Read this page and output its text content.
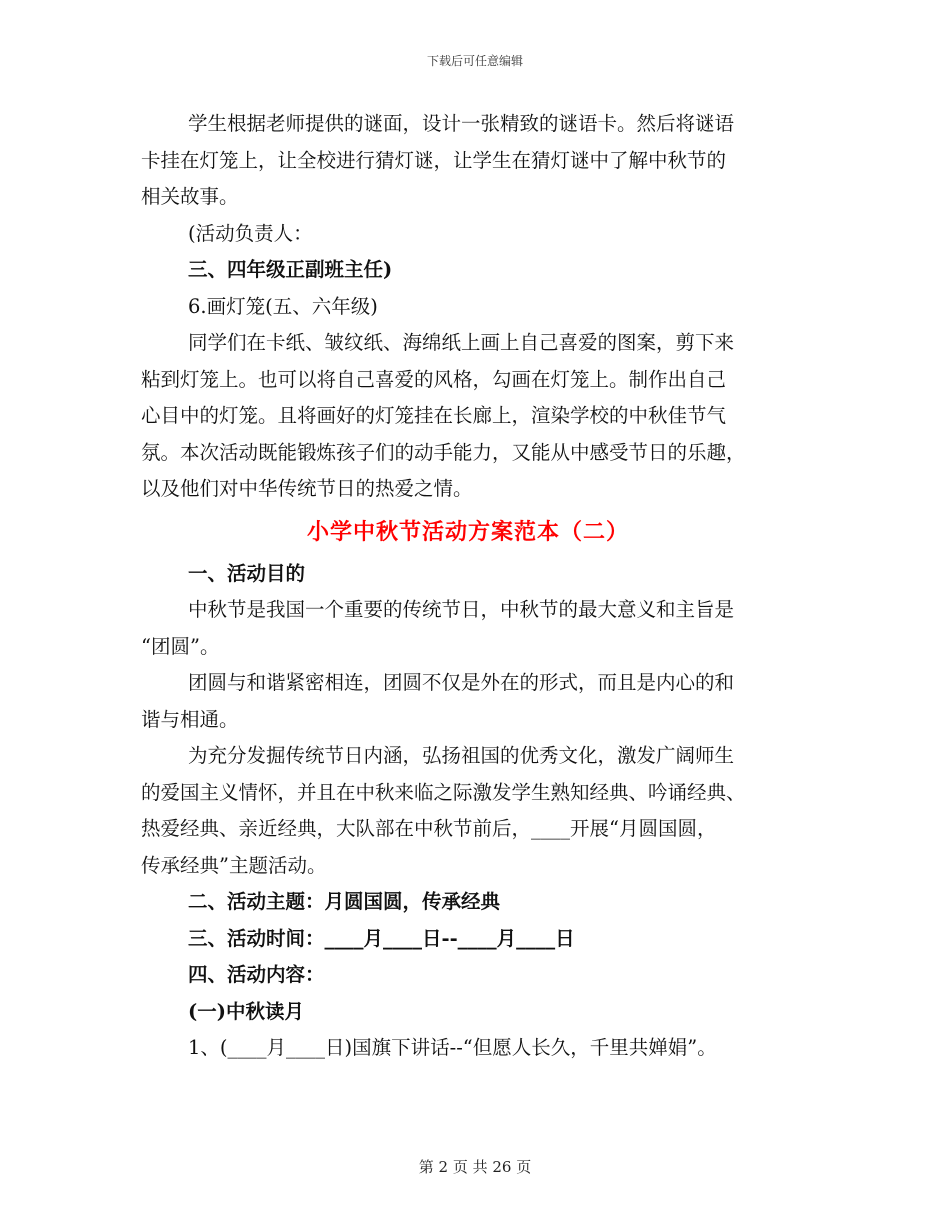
下载后可任意编辑
学生根据老师提供的谜面，设计一张精致的谜语卡。然后将谜语
卡挂在灯笼上，让全校进行猜灯谜，让学生在猜灯谜中了解中秋节的
相关故事。
(活动负责人：
三、四年级正副班主任)
6.画灯笼(五、六年级)
同学们在卡纸、皱纹纸、海绵纸上画上自己喜爱的图案，剪下来
粘到灯笼上。也可以将自己喜爱的风格，勾画在灯笼上。制作出自己
心目中的灯笼。且将画好的灯笼挂在长廊上，渲染学校的中秋佳节气
氛。本次活动既能锻炼孩子们的动手能力，又能从中感受节日的乐趣，
以及他们对中华传统节日的热爱之情。
小学中秋节活动方案范本（二）
一、活动目的
中秋节是我国一个重要的传统节日，中秋节的最大意义和主旨是
“团圆”。
团圆与和谐紧密相连，团圆不仅是外在的形式，而且是内心的和
谐与相通。
为充分发掘传统节日内涵，弘扬祖国的优秀文化，激发广阔师生
的爱国主义情怀，并且在中秋来临之际激发学生熟知经典、吟诵经典、
热爱经典、亲近经典，大队部在中秋节前后，____开展“月圆国圆，
传承经典”主题活动。
二、活动主题：月圆国圆，传承经典
三、活动时间：____月____日--____月____日
四、活动内容：
(一)中秋读月
1、(____月____日)国旗下讲话--“但愿人长久，千里共婵娟”。
第 2 页 共 26 页
